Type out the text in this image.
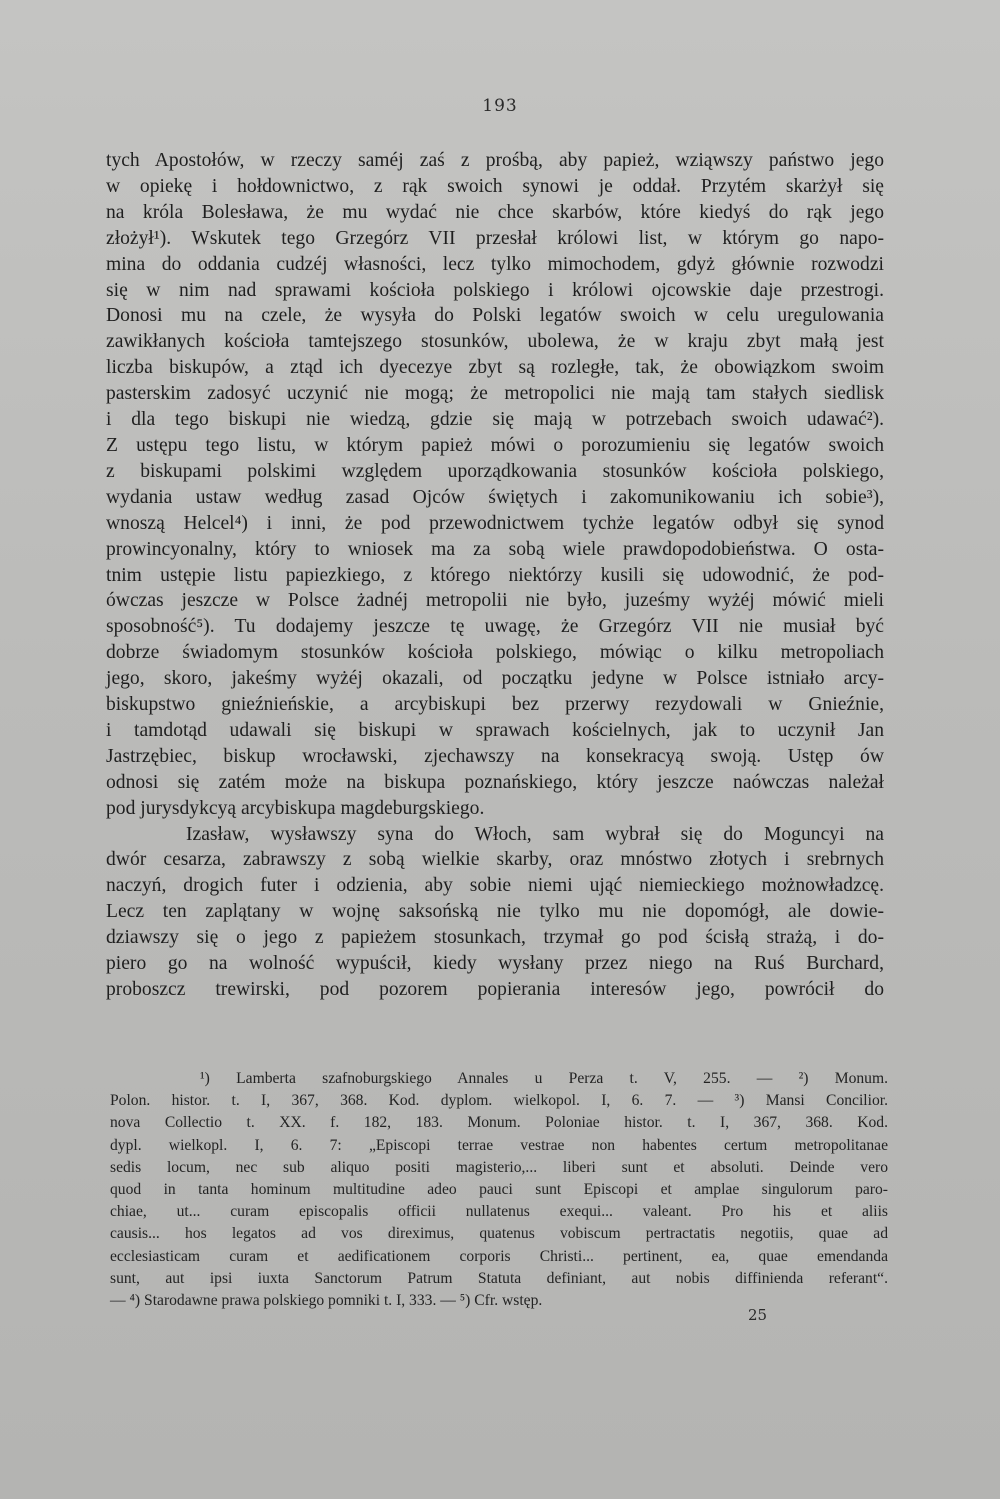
193
tych Apostołów, w rzeczy saméj zaś z prośbą, aby papież, wziąwszy państwo jego
w opiekę i hołdownictwo, z rąk swoich synowi je oddał. Przytém skarżył się
na króla Bolesława, że mu wydać nie chce skarbów, które kiedyś do rąk jego
złożył¹). Wskutek tego Grzegórz VII przesłał królowi list, w którym go napo-
mina do oddania cudzéj własności, lecz tylko mimochodem, gdyż głównie rozwodzi
się w nim nad sprawami kościoła polskiego i królowi ojcowskie daje przestrogi.
Donosi mu na czele, że wysyła do Polski legatów swoich w celu uregulowania
zawikłanych kościoła tamtejszego stosunków, ubolewa, że w kraju zbyt małą jest
liczba biskupów, a ztąd ich dyecezye zbyt są rozległe, tak, że obowiązkom swoim
pasterskim zadosyć uczynić nie mogą; że metropolici nie mają tam stałych siedlisk
i dla tego biskupi nie wiedzą, gdzie się mają w potrzebach swoich udawać²).
Z ustępu tego listu, w którym papież mówi o porozumieniu się legatów swoich
z biskupami polskimi względem uporządkowania stosunków kościoła polskiego,
wydania ustaw według zasad Ojców świętych i zakomunikowaniu ich sobie³),
wnoszą Helcel⁴) i inni, że pod przewodnictwem tychże legatów odbył się synod
prowincyonalny, który to wniosek ma za sobą wiele prawdopodobieństwa. O osta-
tnim ustępie listu papiezkiego, z którego niektórzy kusili się udowodnić, że pod-
ówczas jeszcze w Polsce żadnéj metropolii nie było, juześmy wyżéj mówić mieli
sposobność⁵). Tu dodajemy jeszcze tę uwagę, że Grzegórz VII nie musiał być
dobrze świadomym stosunków kościoła polskiego, mówiąc o kilku metropoliach
jego, skoro, jakeśmy wyżéj okazali, od początku jedyne w Polsce istniało arcy-
biskupstwo gnieźnieńskie, a arcybiskupi bez przerwy rezydowali w Gnieźnie,
i tamdotąd udawali się biskupi w sprawach kościelnych, jak to uczynił Jan
Jastrzębiec, biskup wrocławski, zjechawszy na konsekracyą swoją. Ustęp ów
odnosi się zatém może na biskupa poznańskiego, który jeszcze naówczas należał
pod jurysdykcyą arcybiskupa magdeburgskiego.
Izasław, wysławszy syna do Włoch, sam wybrał się do Moguncyi na
dwór cesarza, zabrawszy z sobą wielkie skarby, oraz mnóstwo złotych i srebrnych
naczyń, drogich futer i odzienia, aby sobie niemi ująć niemieckiego możnowładzcę.
Lecz ten zaplątany w wojnę saksońską nie tylko mu nie dopomógł, ale dowie-
dziawszy się o jego z papieżem stosunkach, trzymał go pod ścisłą strażą, i do-
piero go na wolność wypuścił, kiedy wysłany przez niego na Ruś Burchard,
proboszcz trewirski, pod pozorem popierania interesów jego, powrócił do
¹) Lamberta szafnoburgskiego Annales u Perza t. V, 255. — ²) Monum.
Polon. histor. t. I, 367, 368. Kod. dyplom. wielkopol. I, 6. 7. — ³) Mansi Concilior.
nova Collectio t. XX. f. 182, 183. Monum. Poloniae histor. t. I, 367, 368. Kod.
dypl. wielkopl. I, 6. 7: „Episcopi terrae vestrae non habentes certum metropolitanae
sedis locum, nec sub aliquo positi magisterio,... liberi sunt et absoluti. Deinde vero
quod in tanta hominum multitudine adeo pauci sunt Episcopi et amplae singulorum paro-
chiae, ut... curam episcopalis officii nullatenus exequi... valeant. Pro his et aliis
causis... hos legatos ad vos direximus, quatenus vobiscum pertractatis negotiis, quae ad
ecclesiasticam curam et aedificationem corporis Christi... pertinent, ea, quae emendanda
sunt, aut ipsi iuxta Sanctorum Patrum Statuta definiant, aut nobis diffinienda referant“.
— ⁴) Starodawne prawa polskiego pomniki t. I, 333. — ⁵) Cfr. wstęp.
25
